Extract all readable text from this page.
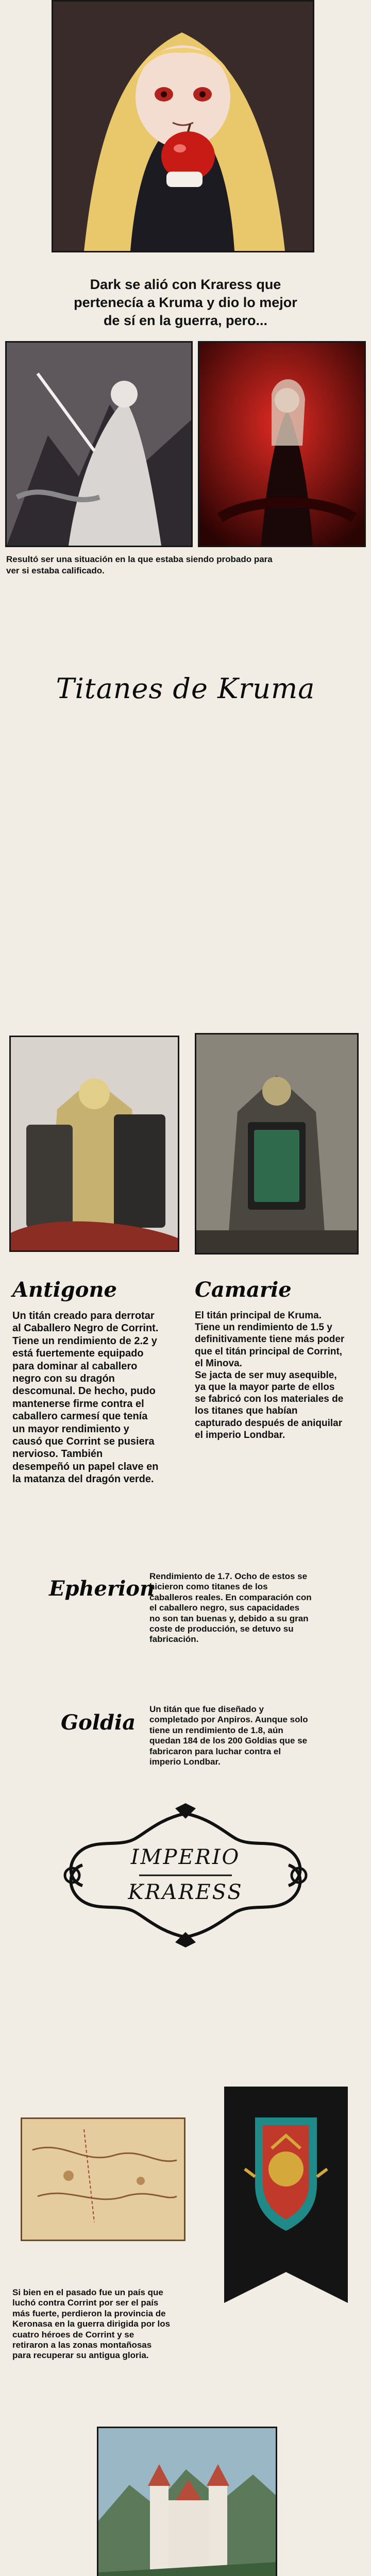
Dark se alió con Kraress que
pertenecía a Kruma y dio lo mejor
de sí en la guerra, pero...
Resultó ser una situación en la que estaba siendo probado para
ver si estaba calificado.
Titanes de Kruma
Antigone	Camarie
Un titán creado para derrotar
al Caballero Negro de Corrint.
Tiene un rendimiento de 2.2 y
está fuertemente equipado
para dominar al caballero
negro con su dragón
descomunal. De hecho, pudo
mantenerse firme contra el
caballero carmesí que tenía
un mayor rendimiento y
causó que Corrint se pusiera
nervioso. También
desempeñó un papel clave en
la matanza del dragón verde.
El titán principal de Kruma.
Tiene un rendimiento de 1.5 y
definitivamente tiene más poder
que el titán principal de Corrint,
el Minova.
Se jacta de ser muy asequible,
ya que la mayor parte de ellos
se fabricó con los materiales de
los titanes que habían
capturado después de aniquilar
el imperio Londbar.
Epherion
Rendimiento de 1.7. Ocho de estos se
hicieron como titanes de los
caballeros reales. En comparación con
el caballero negro, sus capacidades
no son tan buenas y, debido a su gran
coste de producción, se detuvo su
fabricación.
Goldia
Un titán que fue diseñado y
completado por Anpiros. Aunque solo
tiene un rendimiento de 1.8, aún
quedan 184 de los 200 Goldias que se
fabricaron para luchar contra el
imperio Londbar.
IMPERIO
KRARESS
Si bien en el pasado fue un país que
luchó contra Corrint por ser el país
más fuerte, perdieron la provincia de
Keronasa en la guerra dirigida por los
cuatro héroes de Corrint y se
retiraron a las zonas montañosas
para recuperar su antigua gloria.
